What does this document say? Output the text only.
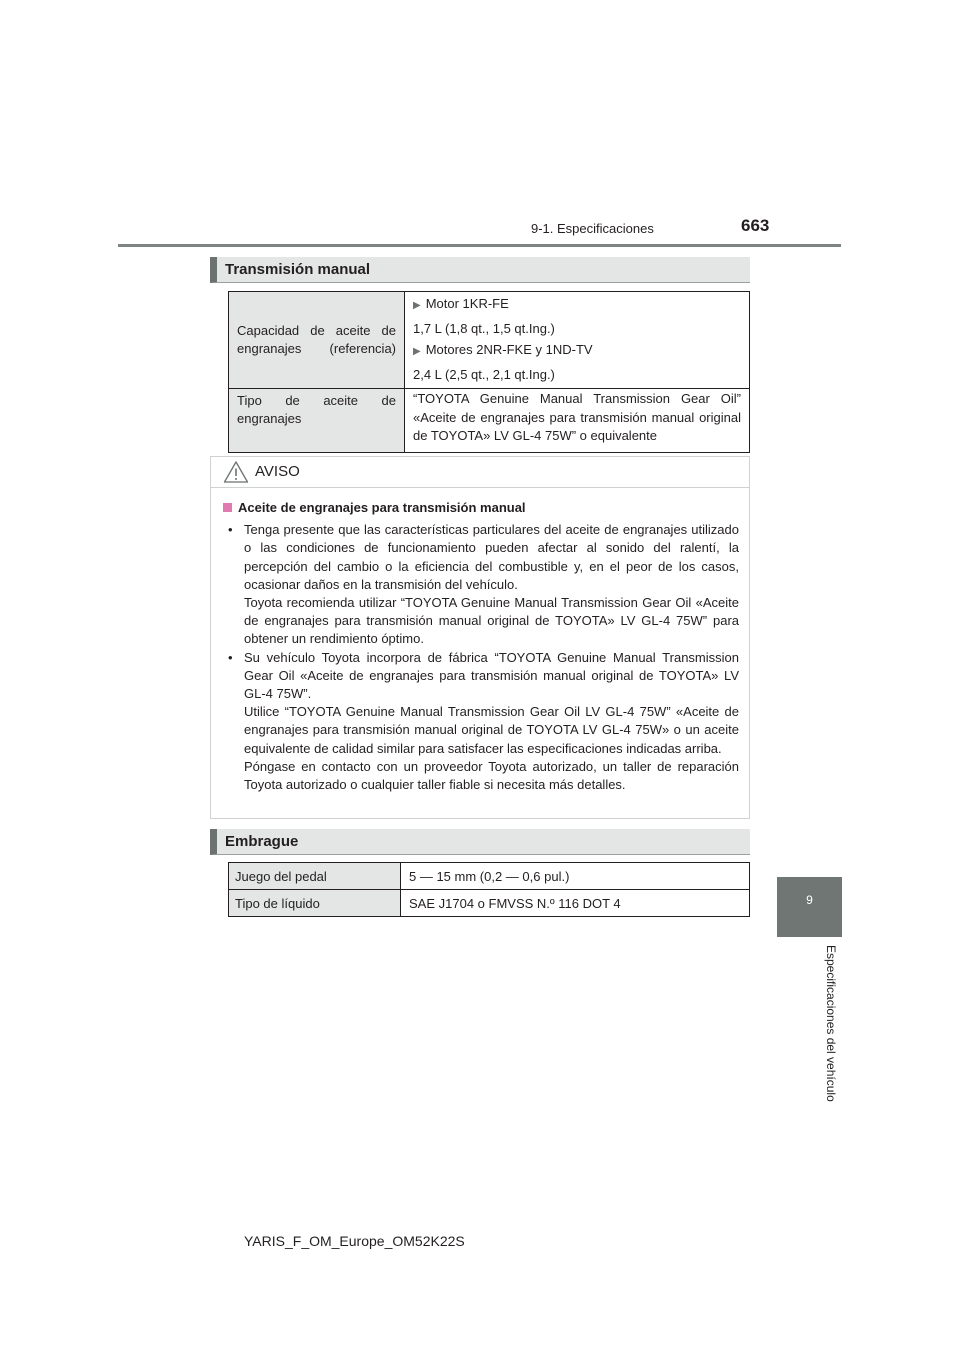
9-1. Especificaciones	663
9
Especificaciones del vehículo
Transmisión manual
Capacidad de aceite de engranajes (referencia)	▶ Motor 1KR-FE
1,7 L (1,8 qt., 1,5 qt.Ing.)
▶ Motores 2NR-FKE y 1ND-TV
2,4 L (2,5 qt., 2,1 qt.Ing.)

Tipo de aceite de engranajes	“TOYOTA Genuine Manual Transmission Gear Oil” «Aceite de engranajes para transmisión manual original de TOYOTA» LV GL-4 75W” o equivalente
AVISO
Aceite de engranajes para transmisión manual
• Tenga presente que las características particulares del aceite de engranajes utilizado o las condiciones de funcionamiento pueden afectar al sonido del ralentí, la percepción del cambio o la eficiencia del combustible y, en el peor de los casos, ocasionar daños en la transmisión del vehículo.
Toyota recomienda utilizar “TOYOTA Genuine Manual Transmission Gear Oil «Aceite de engranajes para transmisión manual original de TOYOTA» LV GL-4 75W” para obtener un rendimiento óptimo.
• Su vehículo Toyota incorpora de fábrica “TOYOTA Genuine Manual Transmission Gear Oil «Aceite de engranajes para transmisión manual original de TOYOTA» LV GL-4 75W”.
Utilice “TOYOTA Genuine Manual Transmission Gear Oil LV GL-4 75W” «Aceite de engranajes para transmisión manual original de TOYOTA LV GL-4 75W» o un aceite equivalente de calidad similar para satisfacer las especificaciones indicadas arriba.
Póngase en contacto con un proveedor Toyota autorizado, un taller de reparación Toyota autorizado o cualquier taller fiable si necesita más detalles.
Embrague
Juego del pedal	5 — 15 mm (0,2 — 0,6 pul.)
Tipo de líquido	SAE J1704 o FMVSS N.º 116 DOT 4
YARIS_F_OM_Europe_OM52K22S
